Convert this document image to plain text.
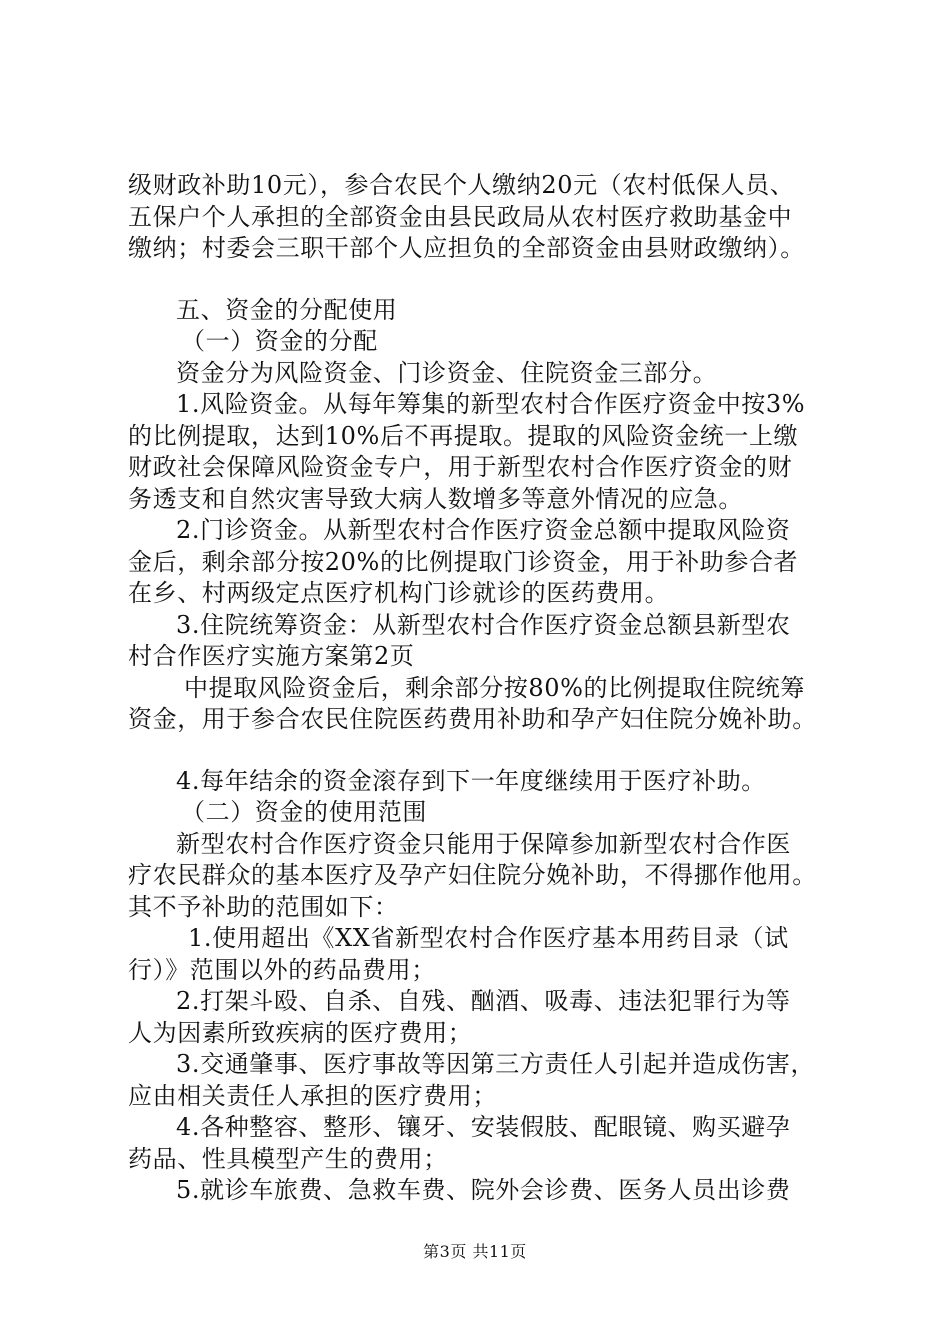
级财政补助10元），参合农民个人缴纳20元（农村低保人员、

五保户个人承担的全部资金由县民政局从农村医疗救助基金中

缴纳；村委会三职干部个人应担负的全部资金由县财政缴纳）。

五、资金的分配使用

（一）资金的分配

资金分为风险资金、门诊资金、住院资金三部分。

1.风险资金。从每年筹集的新型农村合作医疗资金中按3%

的比例提取，达到10%后不再提取。提取的风险资金统一上缴

财政社会保障风险资金专户，用于新型农村合作医疗资金的财

务透支和自然灾害导致大病人数增多等意外情况的应急。

2.门诊资金。从新型农村合作医疗资金总额中提取风险资

金后，剩余部分按20%的比例提取门诊资金，用于补助参合者

在乡、村两级定点医疗机构门诊就诊的医药费用。

3.住院统筹资金：从新型农村合作医疗资金总额县新型农

村合作医疗实施方案第2页

中提取风险资金后，剩余部分按80%的比例提取住院统筹

资金，用于参合农民住院医药费用补助和孕产妇住院分娩补助。

4.每年结余的资金滚存到下一年度继续用于医疗补助。

（二）资金的使用范围

新型农村合作医疗资金只能用于保障参加新型农村合作医

疗农民群众的基本医疗及孕产妇住院分娩补助，不得挪作他用。

其不予补助的范围如下：

1.使用超出《XX省新型农村合作医疗基本用药目录（试

行）》范围以外的药品费用；

2.打架斗殴、自杀、自残、酗酒、吸毒、违法犯罪行为等

人为因素所致疾病的医疗费用；

3.交通肇事、医疗事故等因第三方责任人引起并造成伤害，

应由相关责任人承担的医疗费用；

4.各种整容、整形、镶牙、安装假肢、配眼镜、购买避孕

药品、性具模型产生的费用；

5.就诊车旅费、急救车费、院外会诊费、医务人员出诊费

第3页 共11页
